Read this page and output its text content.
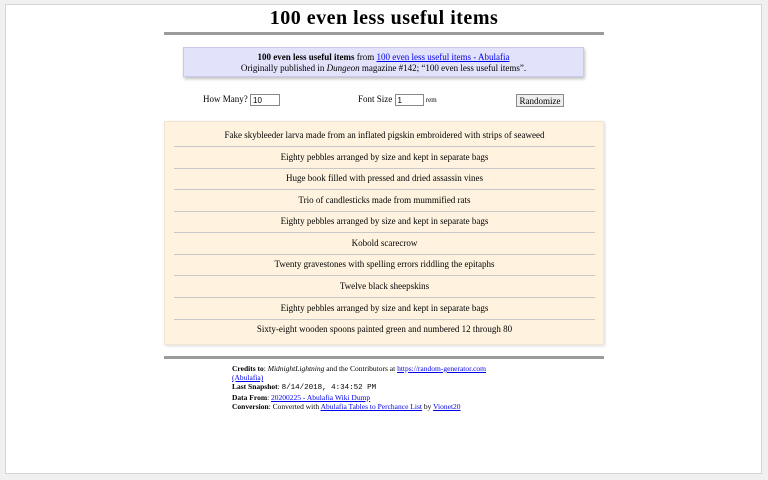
100 even less useful items
100 even less useful items from 100 even less useful items - Abulafia
Originally published in Dungeon magazine #142; “100 even less useful items”.
How Many? 10	Font Size 1	rem	Randomize
Fake skybleeder larva made from an inflated pigskin embroidered with strips of seaweed
Eighty pebbles arranged by size and kept in separate bags
Huge book filled with pressed and dried assassin vines
Trio of candlesticks made from mummified rats
Eighty pebbles arranged by size and kept in separate bags
Kobold scarecrow
Twenty gravestones with spelling errors riddling the epitaphs
Twelve black sheepskins
Eighty pebbles arranged by size and kept in separate bags
Sixty-eight wooden spoons painted green and numbered 12 through 80
Credits to: MidnightLightning and the Contributors at https://random-generator.com
(Abulafia)
Last Snapshot: 8/14/2018, 4:34:52 PM
Data From: 20200225 - Abulafia Wiki Dump
Conversion: Converted with Abulafia Tables to Perchance List by Vionet20
